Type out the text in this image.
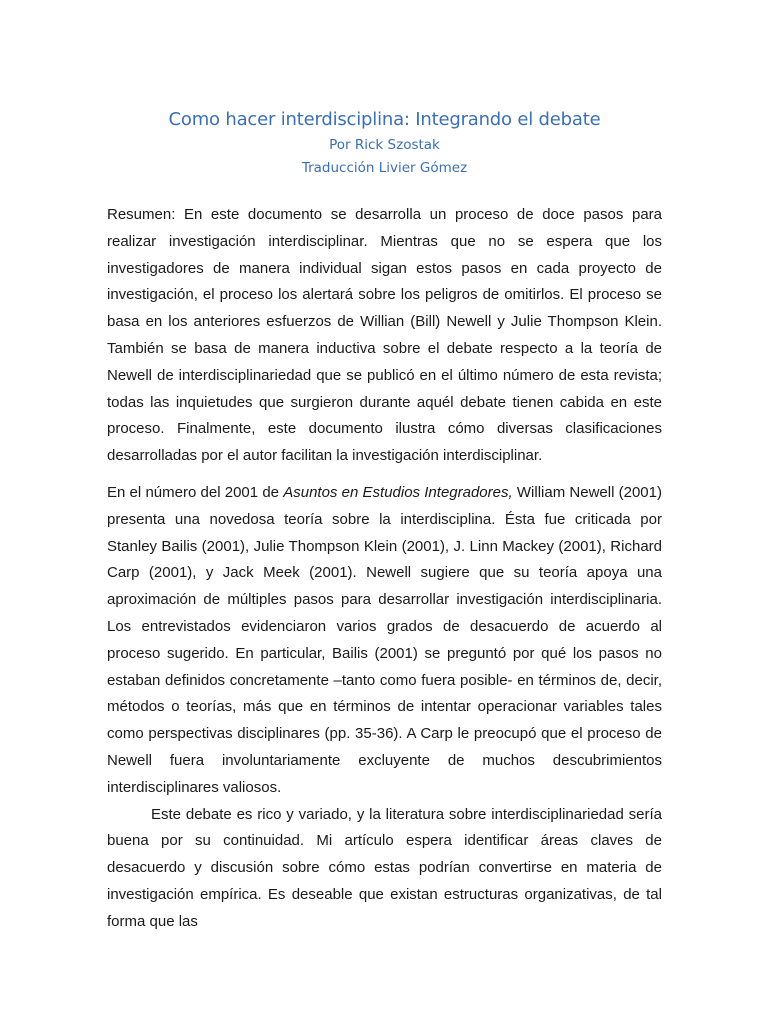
Como hacer interdisciplina: Integrando el debate

Por Rick Szostak

Traducción Livier Gómez

Resumen: En este documento se desarrolla un proceso de doce pasos para realizar investigación interdisciplinar. Mientras que no se espera que los investigadores de manera individual sigan estos pasos en cada proyecto de investigación, el proceso los alertará sobre los peligros de omitirlos. El proceso se basa en los anteriores esfuerzos de Willian (Bill) Newell y Julie Thompson Klein. También se basa de manera inductiva sobre el debate respecto a la teoría de Newell de interdisciplinariedad que se publicó en el último número de esta revista; todas las inquietudes que surgieron durante aquél debate tienen cabida en este proceso. Finalmente, este documento ilustra cómo diversas clasificaciones desarrolladas por el autor facilitan la investigación interdisciplinar.

En el número del 2001 de Asuntos en Estudios Integradores, William Newell (2001) presenta una novedosa teoría sobre la interdisciplina. Ésta fue criticada por Stanley Bailis (2001), Julie Thompson Klein (2001), J. Linn Mackey (2001), Richard Carp (2001), y Jack Meek (2001). Newell sugiere que su teoría apoya una aproximación de múltiples pasos para desarrollar investigación interdisciplinaria. Los entrevistados evidenciaron varios grados de desacuerdo de acuerdo al proceso sugerido. En particular, Bailis (2001) se preguntó por qué los pasos no estaban definidos concretamente –tanto como fuera posible- en términos de, decir, métodos o teorías, más que en términos de intentar operacionar variables tales como perspectivas disciplinares (pp. 35-36). A Carp le preocupó que el proceso de Newell fuera involuntariamente excluyente de muchos descubrimientos interdisciplinares valiosos.

Este debate es rico y variado, y la literatura sobre interdisciplinariedad sería buena por su continuidad. Mi artículo espera identificar áreas claves de desacuerdo y discusión sobre cómo estas podrían convertirse en materia de investigación empírica. Es deseable que existan estructuras organizativas, de tal forma que las
